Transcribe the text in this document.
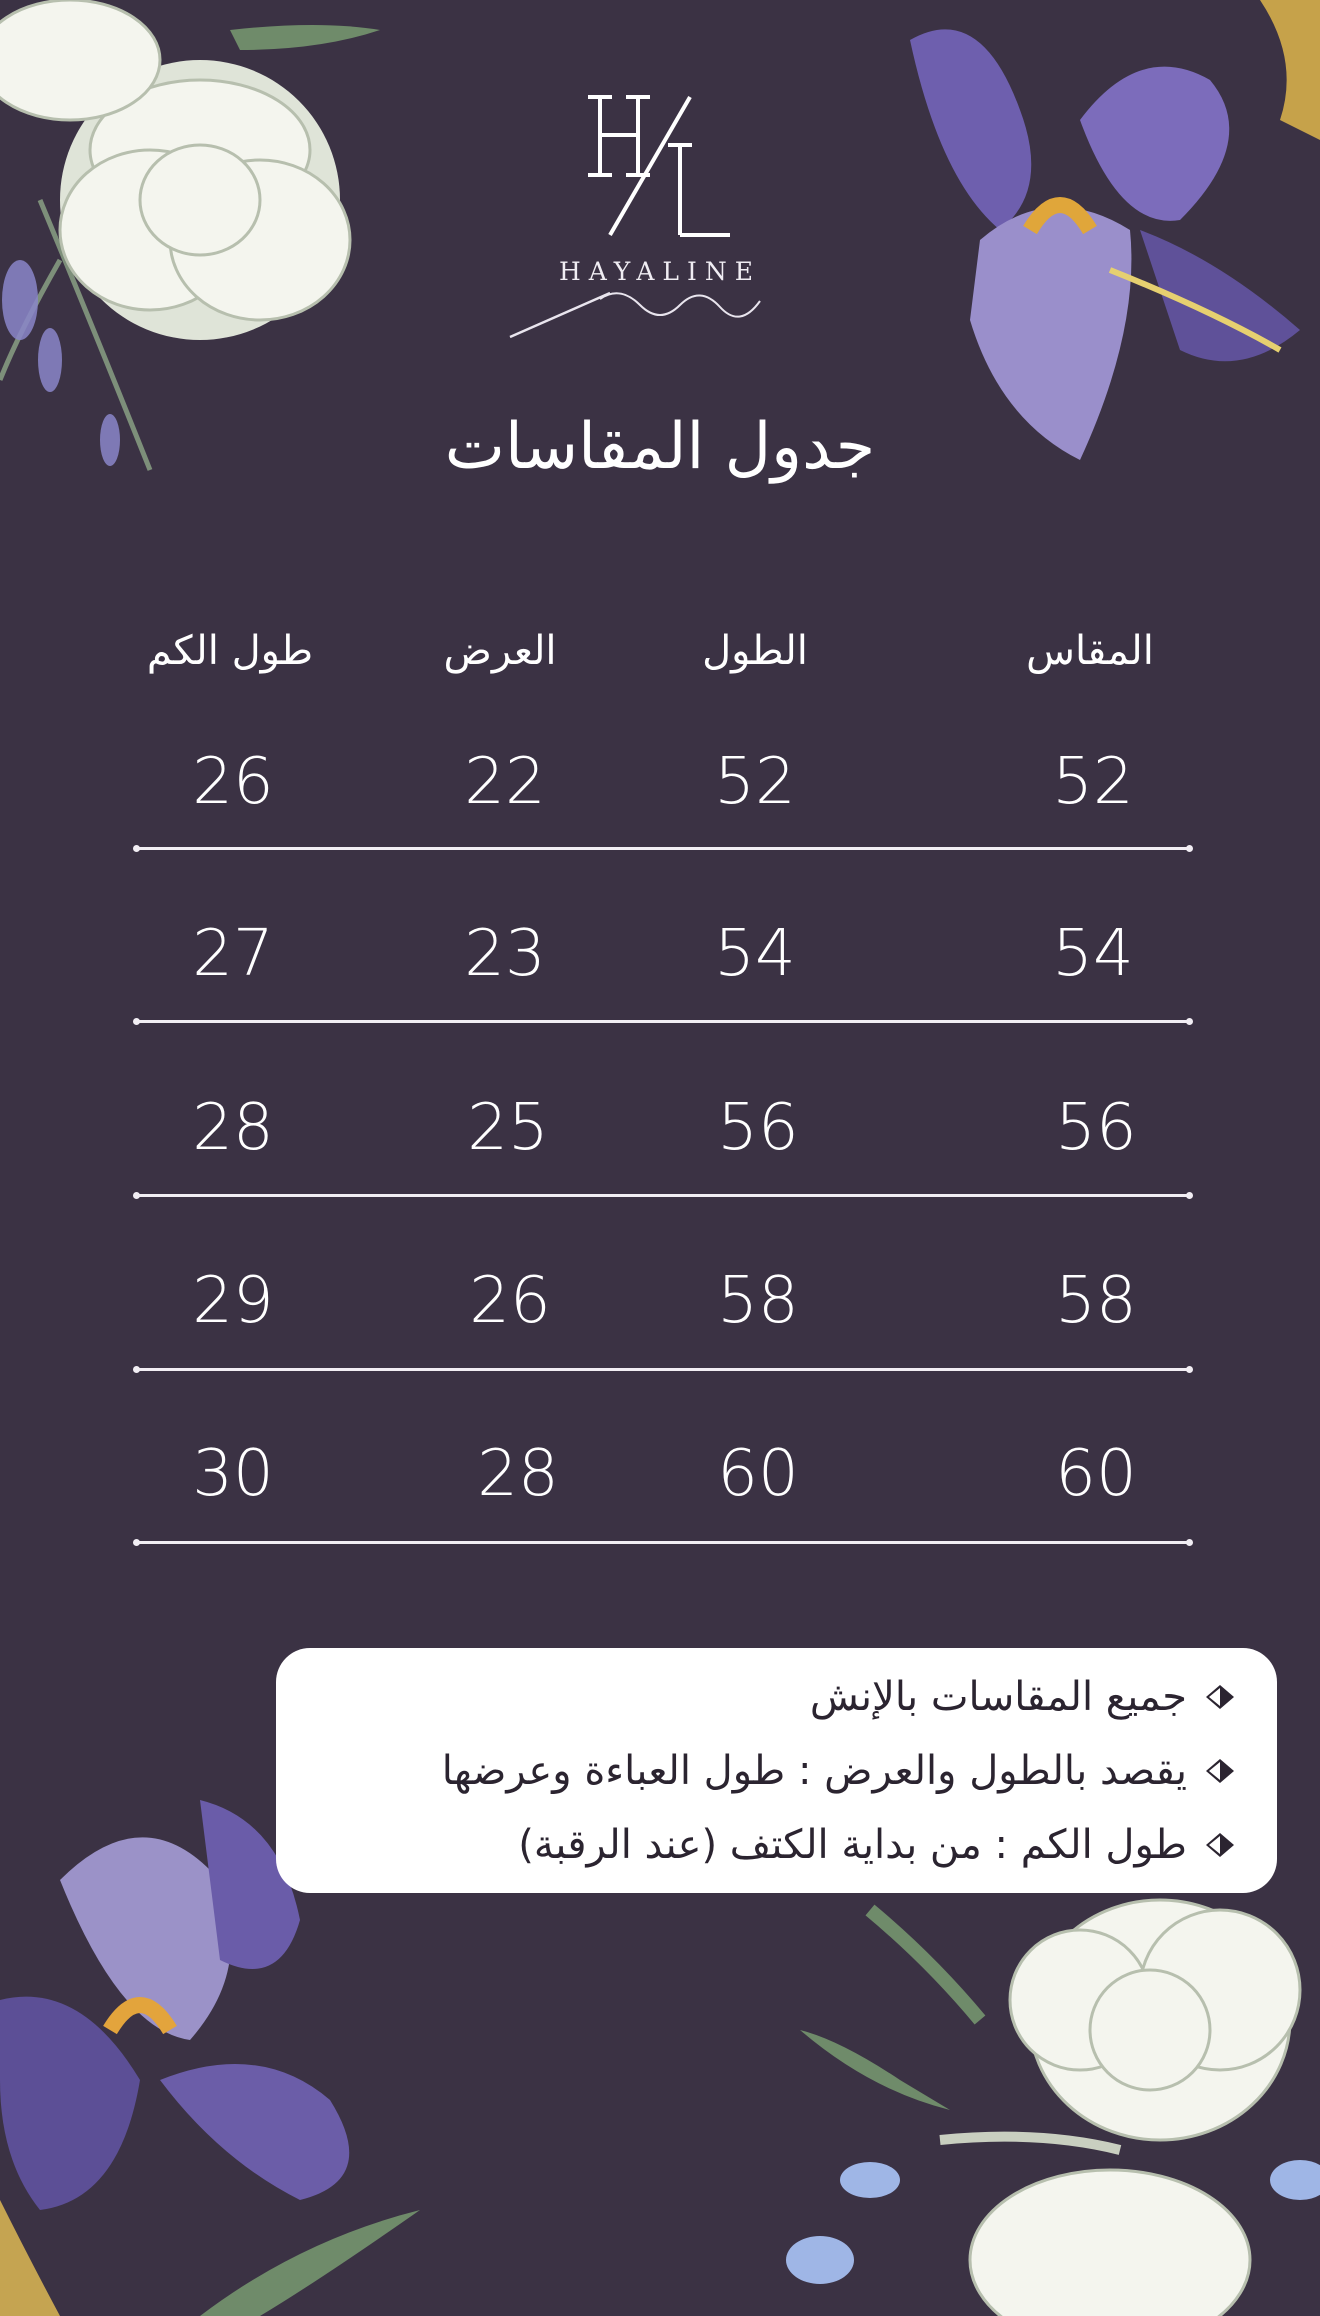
HAYALINE
جدول المقاسات
المقاس
الطول
العرض
طول الكم
52
52
22
26
54
54
23
27
56
56
25
28
58
58
26
29
60
60
28
30
جميع المقاسات بالإنش
يقصد بالطول والعرض : طول العباءة وعرضها
طول الكم : من بداية الكتف (عند الرقبة)
